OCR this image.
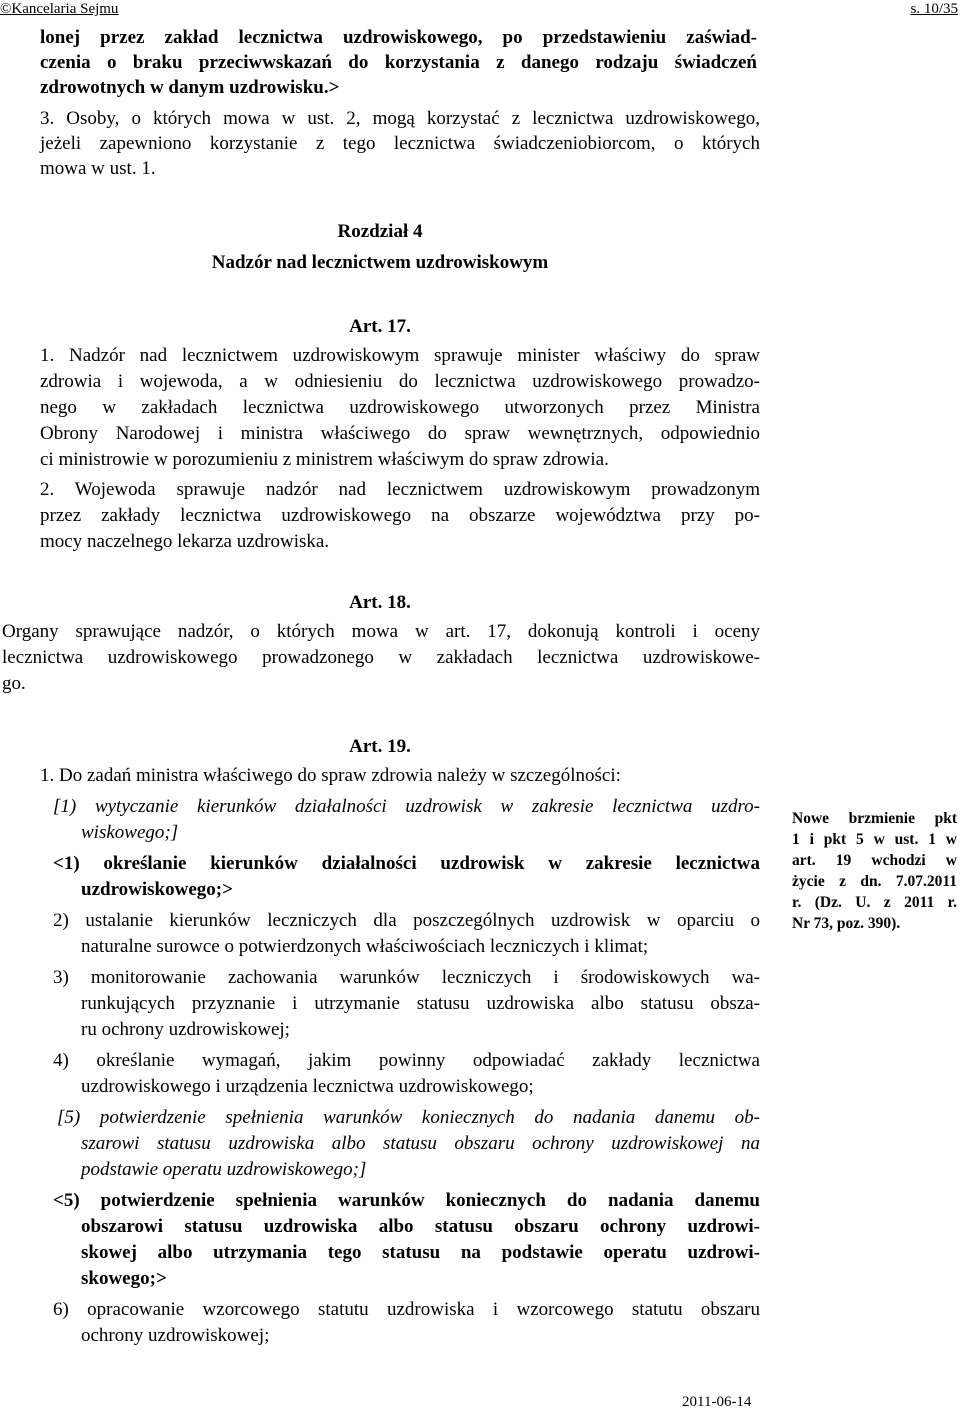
©Kancelaria Sejmu	s. 10/35
lonej przez zakład lecznictwa uzdrowiskowego, po przedstawieniu zaświad-
czenia o braku przeciwwskazań do korzystania z danego rodzaju świadczeń
zdrowotnych w danym uzdrowisku.>
3. Osoby, o których mowa w ust. 2, mogą korzystać z lecznictwa uzdrowiskowego,
jeżeli zapewniono korzystanie z tego lecznictwa świadczeniobiorcom, o których
mowa w ust. 1.
Rozdział 4
Nadzór nad lecznictwem uzdrowiskowym
Art. 17.
1. Nadzór nad lecznictwem uzdrowiskowym sprawuje minister właściwy do spraw
zdrowia i wojewoda, a w odniesieniu do lecznictwa uzdrowiskowego prowadzo-
nego w zakładach lecznictwa uzdrowiskowego utworzonych przez Ministra
Obrony Narodowej i ministra właściwego do spraw wewnętrznych, odpowiednio
ci ministrowie w porozumieniu z ministrem właściwym do spraw zdrowia.
2. Wojewoda sprawuje nadzór nad lecznictwem uzdrowiskowym prowadzonym
przez zakłady lecznictwa uzdrowiskowego na obszarze województwa przy po-
mocy naczelnego lekarza uzdrowiska.
Art. 18.
Organy sprawujące nadzór, o których mowa w art. 17, dokonują kontroli i oceny
lecznictwa uzdrowiskowego prowadzonego w zakładach lecznictwa uzdrowiskowe-
go.
Art. 19.
1. Do zadań ministra właściwego do spraw zdrowia należy w szczególności:
[1) wytyczanie kierunków działalności uzdrowisk w zakresie lecznictwa uzdro-
wiskowego;]
<1) określanie kierunków działalności uzdrowisk w zakresie lecznictwa
uzdrowiskowego;>
2) ustalanie kierunków leczniczych dla poszczególnych uzdrowisk w oparciu o
naturalne surowce o potwierdzonych właściwościach leczniczych i klimat;
3) monitorowanie zachowania warunków leczniczych i środowiskowych wa-
runkujących przyznanie i utrzymanie statusu uzdrowiska albo statusu obsza-
ru ochrony uzdrowiskowej;
4) określanie wymagań, jakim powinny odpowiadać zakłady lecznictwa
uzdrowiskowego i urządzenia lecznictwa uzdrowiskowego;
[5) potwierdzenie spełnienia warunków koniecznych do nadania danemu ob-
szarowi statusu uzdrowiska albo statusu obszaru ochrony uzdrowiskowej na
podstawie operatu uzdrowiskowego;]
<5) potwierdzenie spełnienia warunków koniecznych do nadania danemu
obszarowi statusu uzdrowiska albo statusu obszaru ochrony uzdrowi-
skowej albo utrzymania tego statusu na podstawie operatu uzdrowi-
skowego;>
6) opracowanie wzorcowego statutu uzdrowiska i wzorcowego statutu obszaru
ochrony uzdrowiskowej;
Nowe brzmienie pkt
1 i pkt 5 w ust. 1 w
art. 19 wchodzi w
życie z dn. 7.07.2011
r. (Dz. U. z 2011 r.
Nr 73, poz. 390).
2011-06-14
